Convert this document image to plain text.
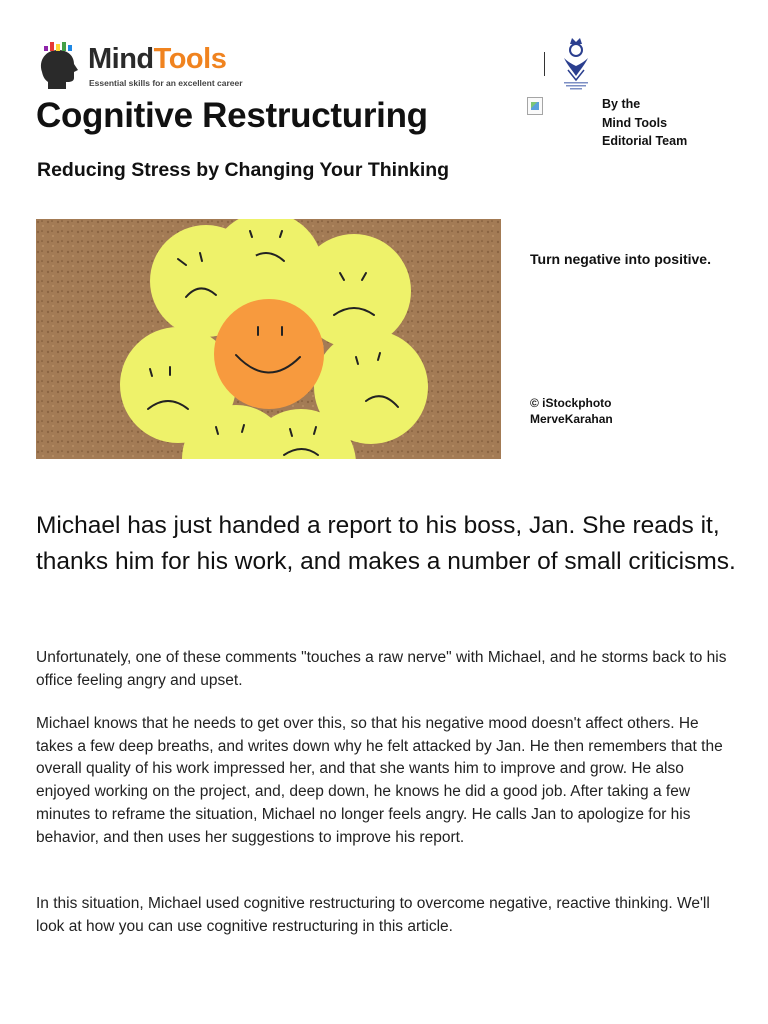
MindTools
Essential skills for an excellent career
By the
Mind Tools
Editorial Team
Cognitive Restructuring
Reducing Stress by Changing Your Thinking
Turn negative into positive.
© iStockphoto
MerveKarahan

Michael has just handed a report to his boss, Jan. She reads it, thanks him for his work, and makes a number of small criticisms.

Unfortunately, one of these comments "touches a raw nerve" with Michael, and he storms back to his office feeling angry and upset.

Michael knows that he needs to get over this, so that his negative mood doesn't affect others. He takes a few deep breaths, and writes down why he felt attacked by Jan. He then remembers that the overall quality of his work impressed her, and that she wants him to improve and grow. He also enjoyed working on the project, and, deep down, he knows he did a good job. After taking a few minutes to reframe the situation, Michael no longer feels angry. He calls Jan to apologize for his behavior, and then uses her suggestions to improve his report.

In this situation, Michael used cognitive restructuring to overcome negative, reactive thinking. We'll look at how you can use cognitive restructuring in this article.
